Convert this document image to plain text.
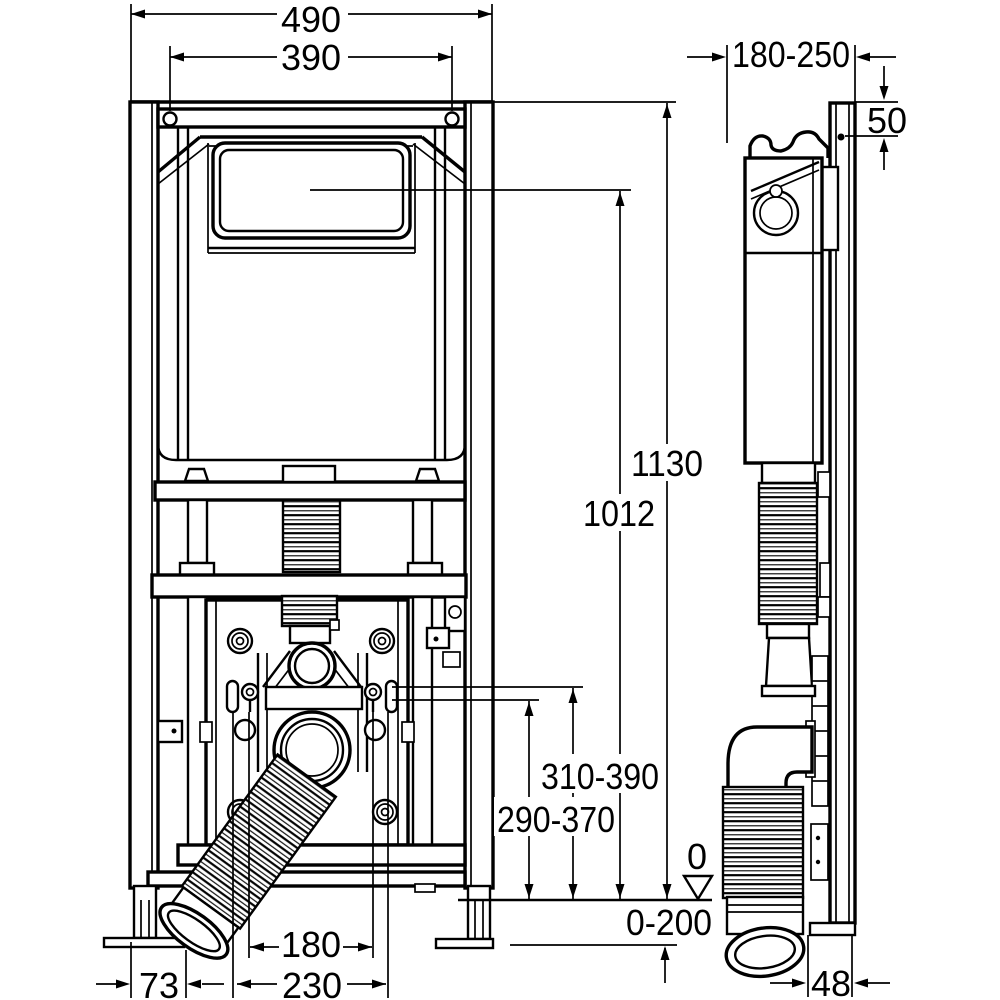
490
390	180-250
50
1130
1012
310-390
290-370
0
0-200
180
230
73	48
